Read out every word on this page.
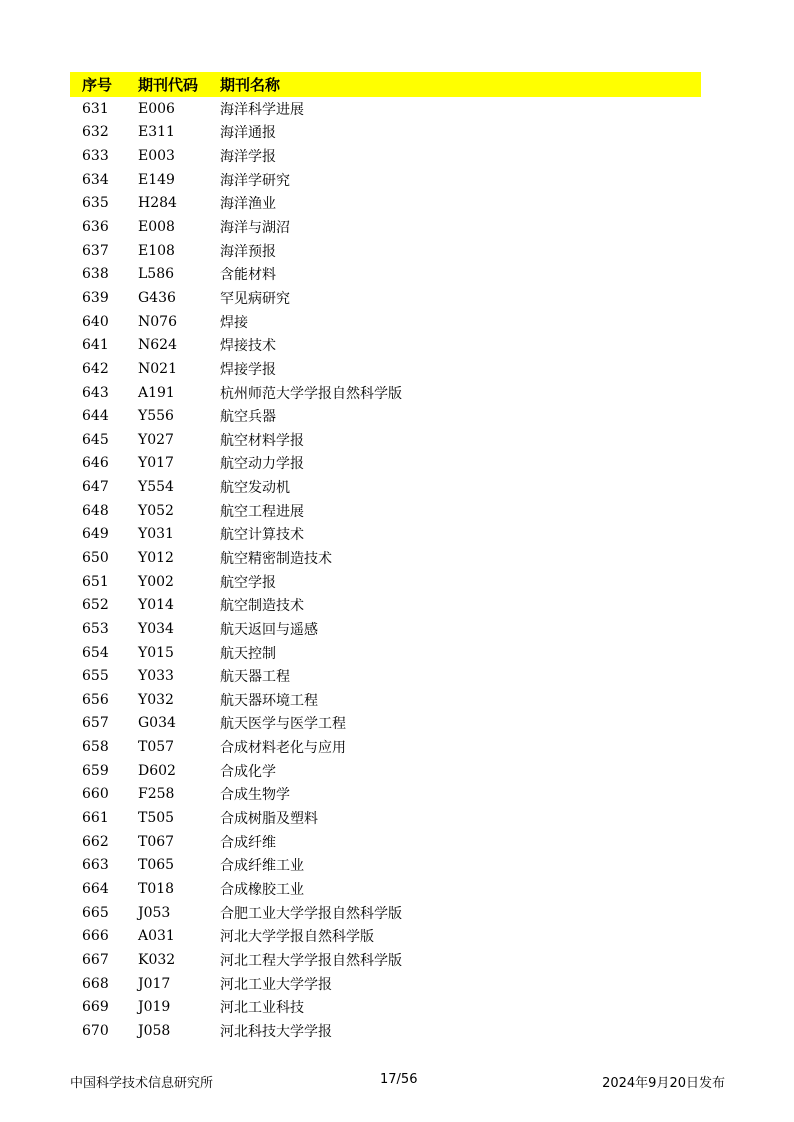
序号	期刊代码	期刊名称
631	E006	海洋科学进展
632	E311	海洋通报
633	E003	海洋学报
634	E149	海洋学研究
635	H284	海洋渔业
636	E008	海洋与湖沼
637	E108	海洋预报
638	L586	含能材料
639	G436	罕见病研究
640	N076	焊接
641	N624	焊接技术
642	N021	焊接学报
643	A191	杭州师范大学学报自然科学版
644	Y556	航空兵器
645	Y027	航空材料学报
646	Y017	航空动力学报
647	Y554	航空发动机
648	Y052	航空工程进展
649	Y031	航空计算技术
650	Y012	航空精密制造技术
651	Y002	航空学报
652	Y014	航空制造技术
653	Y034	航天返回与遥感
654	Y015	航天控制
655	Y033	航天器工程
656	Y032	航天器环境工程
657	G034	航天医学与医学工程
658	T057	合成材料老化与应用
659	D602	合成化学
660	F258	合成生物学
661	T505	合成树脂及塑料
662	T067	合成纤维
663	T065	合成纤维工业
664	T018	合成橡胶工业
665	J053	合肥工业大学学报自然科学版
666	A031	河北大学学报自然科学版
667	K032	河北工程大学学报自然科学版
668	J017	河北工业大学学报
669	J019	河北工业科技
670	J058	河北科技大学学报
中国科学技术信息研究所	17/56	2024年9月20日发布
